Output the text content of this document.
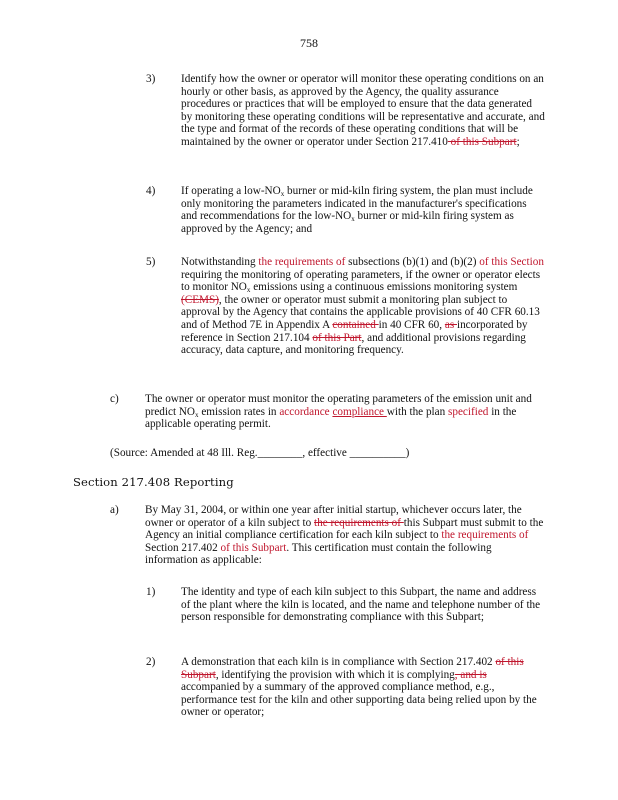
758
3) Identify how the owner or operator will monitor these operating conditions on an hourly or other basis, as approved by the Agency, the quality assurance procedures or practices that will be employed to ensure that the data generated by monitoring these operating conditions will be representative and accurate, and the type and format of the records of these operating conditions that will be maintained by the owner or operator under Section 217.410 of this Subpart;
4) If operating a low-$NO_x$ burner or mid-kiln firing system, the plan must include only monitoring the parameters indicated in the manufacturer's specifications and recommendations for the low-$NO_x$ burner or mid-kiln firing system as approved by the Agency; and
5) Notwithstanding the requirements of subsections (b)(1) and (b)(2) of this Section requiring the monitoring of operating parameters, if the owner or operator elects to monitor $NO_x$ emissions using a continuous emissions monitoring system (CEMS), the owner or operator must submit a monitoring plan subject to approval by the Agency that contains the applicable provisions of 40 CFR 60.13 and of Method 7E in Appendix A contained in 40 CFR 60, as incorporated by reference in Section 217.104 of this Part, and additional provisions regarding accuracy, data capture, and monitoring frequency.
c) The owner or operator must monitor the operating parameters of the emission unit and predict $NO_x$ emission rates in accordance compliance with the plan specified in the applicable operating permit.
(Source: Amended at 48 Ill. Reg.________, effective __________)
Section 217.408 Reporting
a) By May 31, 2004, or within one year after initial startup, whichever occurs later, the owner or operator of a kiln subject to the requirements of this Subpart must submit to the Agency an initial compliance certification for each kiln subject to the requirements of Section 217.402 of this Subpart. This certification must contain the following information as applicable:
1) The identity and type of each kiln subject to this Subpart, the name and address of the plant where the kiln is located, and the name and telephone number of the person responsible for demonstrating compliance with this Subpart;
2) A demonstration that each kiln is in compliance with Section 217.402 of this Subpart, identifying the provision with which it is complying, and is accompanied by a summary of the approved compliance method, e.g., performance test for the kiln and other supporting data being relied upon by the owner or operator;
